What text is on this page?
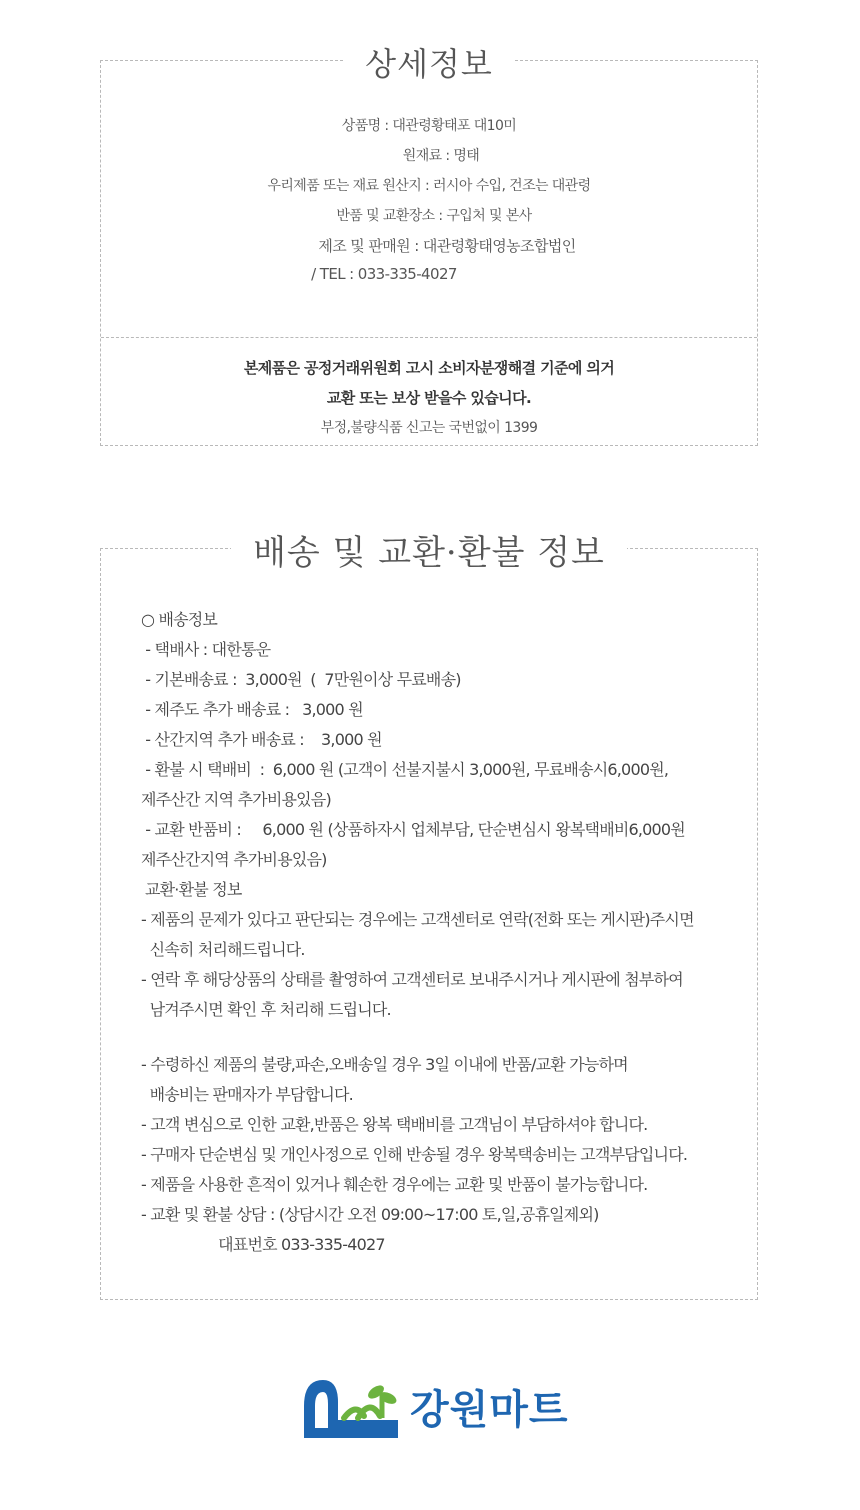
상세정보
상품명 : 대관령황태포 대10미
원재료 : 명태
우리제품 또는 재료 원산지 : 러시아 수입, 건조는 대관령
반품 및 교환장소 : 구입처 및 본사
제조 및 판매원 : 대관령황태영농조합법인
/ TEL : 033-335-4027
본제품은 공정거래위원회 고시 소비자분쟁해결 기준에 의거
교환 또는 보상 받을수 있습니다.
부정,불량식품 신고는 국번없이 1399
배송 및 교환·환불 정보
○ 배송정보
- 택배사 : 대한통운
- 기본배송료 :  3,000원  (  7만원이상 무료배송)
- 제주도 추가 배송료 :   3,000 원
- 산간지역 추가 배송료 :    3,000 원
- 환불 시 택배비  :  6,000 원 (고객이 선불지불시 3,000원, 무료배송시6,000원,
제주산간 지역 추가비용있음)
- 교환 반품비 :     6,000 원 (상품하자시 업체부담, 단순변심시 왕복택배비6,000원
제주산간지역 추가비용있음)
교환·환불 정보
- 제품의 문제가 있다고 판단되는 경우에는 고객센터로 연락(전화 또는 게시판)주시면
신속히 처리해드립니다.
- 연락 후 해당상품의 상태를 촬영하여 고객센터로 보내주시거나 게시판에 첨부하여
남겨주시면 확인 후 처리해 드립니다.
- 수령하신 제품의 불량,파손,오배송일 경우 3일 이내에 반품/교환 가능하며
배송비는 판매자가 부담합니다.
- 고객 변심으로 인한 교환,반품은 왕복 택배비를 고객님이 부담하셔야 합니다.
- 구매자 단순변심 및 개인사정으로 인해 반송될 경우 왕복택송비는 고객부담입니다.
- 제품을 사용한 흔적이 있거나 훼손한 경우에는 교환 및 반품이 불가능합니다.
- 교환 및 환불 상담 : (상담시간 오전 09:00~17:00 토,일,공휴일제외)
대표번호 033-335-4027
강원마트
